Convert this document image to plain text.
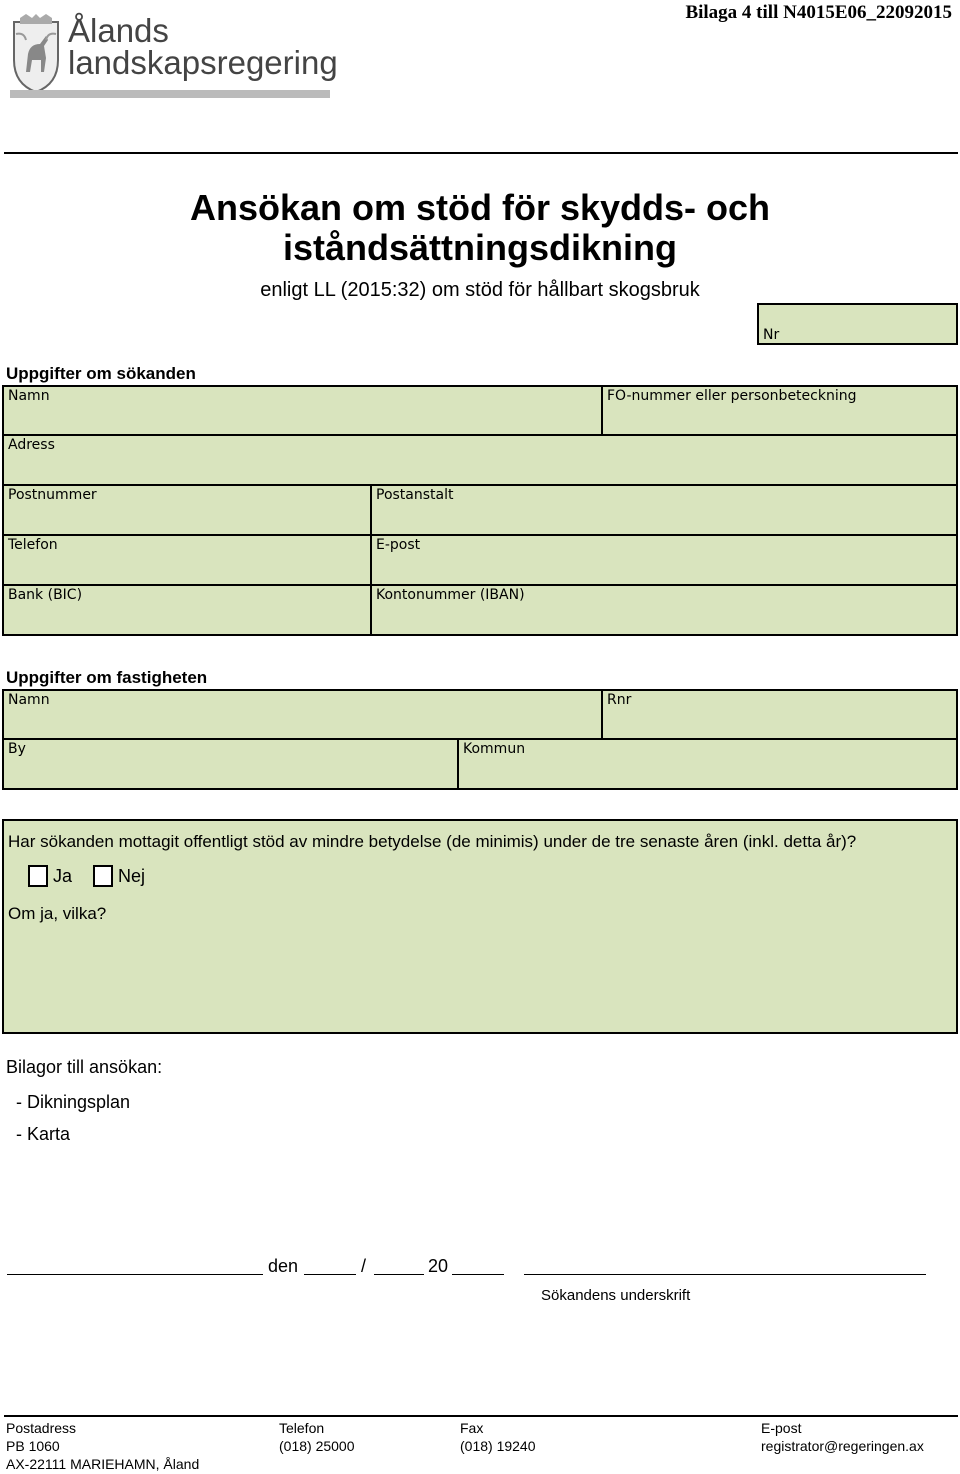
Ålands
landskapsregering
Bilaga 4 till N4015E06_22092015
Ansökan om stöd för skydds- och
iståndsättningsdikning
enligt LL (2015:32) om stöd för hållbart skogsbruk
Nr
Uppgifter om sökanden
Namn	FO-nummer eller personbeteckning
Adress
Postnummer	Postanstalt
Telefon	E-post
Bank (BIC)	Kontonummer (IBAN)
Uppgifter om fastigheten
Namn	Rnr
By	Kommun
Har sökanden mottagit offentligt stöd av mindre betydelse (de minimis) under de tre senaste åren (inkl. detta år)?
Ja	Nej
Om ja, vilka?
Bilagor till ansökan:
- Dikningsplan
- Karta
den	/	20
Sökandens underskrift
Postadress
PB 1060
AX-22111 MARIEHAMN, Åland
Telefon
(018) 25000
Fax
(018) 19240
E-post
registrator@regeringen.ax
